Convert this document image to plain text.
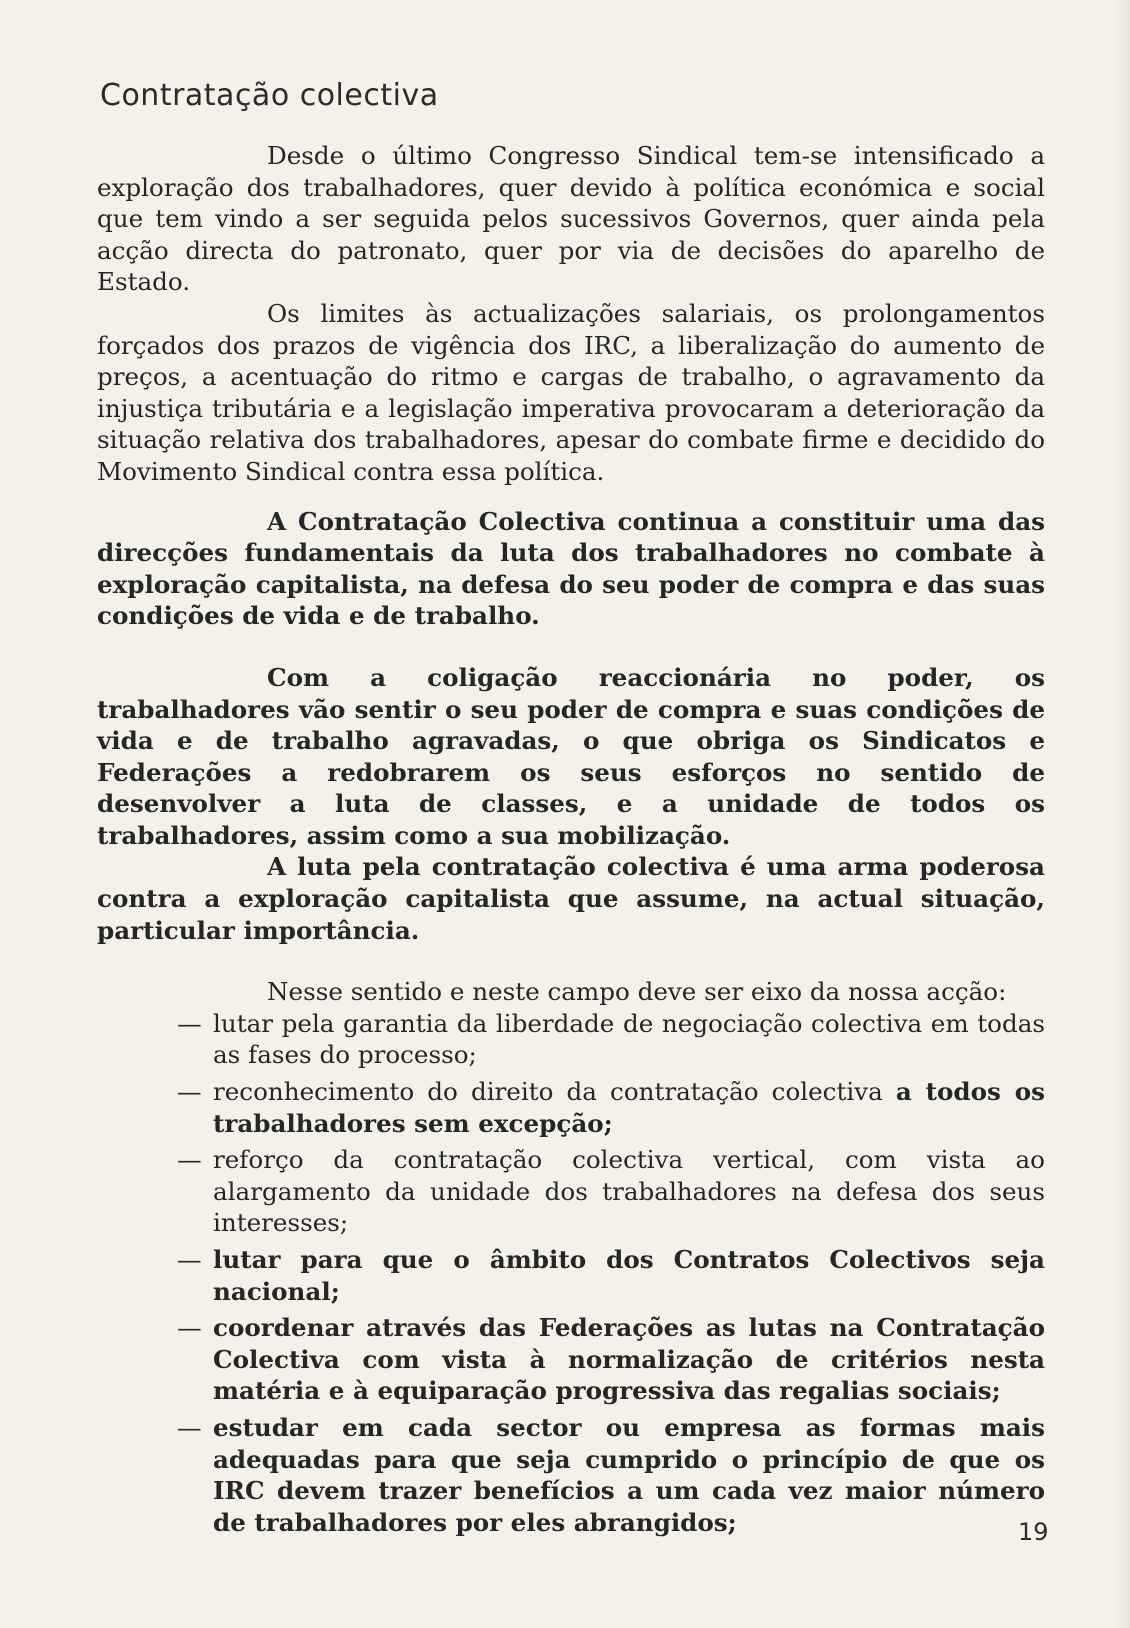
Contratação colectiva

Desde o último Congresso Sindical tem-se intensificado a exploração dos trabalhadores, quer devido à política económica e social que tem vindo a ser seguida pelos sucessivos Governos, quer ainda pela acção directa do patronato, quer por via de decisões do aparelho de Estado.

Os limites às actualizações salariais, os prolongamentos forçados dos prazos de vigência dos IRC, a liberalização do aumento de preços, a acentuação do ritmo e cargas de trabalho, o agravamento da injustiça tributária e a legislação imperativa provocaram a deterioração da situação relativa dos trabalhadores, apesar do combate firme e decidido do Movimento Sindical contra essa política.

A Contratação Colectiva continua a constituir uma das direcções fundamentais da luta dos trabalhadores no combate à exploração capitalista, na defesa do seu poder de compra e das suas condições de vida e de trabalho.

Com a coligação reaccionária no poder, os trabalhadores vão sentir o seu poder de compra e suas condições de vida e de trabalho agravadas, o que obriga os Sindicatos e Federações a redobrarem os seus esforços no sentido de desenvolver a luta de classes, e a unidade de todos os trabalhadores, assim como a sua mobilização.

A luta pela contratação colectiva é uma arma poderosa contra a exploração capitalista que assume, na actual situação, particular importância.

Nesse sentido e neste campo deve ser eixo da nossa acção:

— lutar pela garantia da liberdade de negociação colectiva em todas as fases do processo;
— reconhecimento do direito da contratação colectiva a todos os trabalhadores sem excepção;
— reforço da contratação colectiva vertical, com vista ao alargamento da unidade dos trabalhadores na defesa dos seus interesses;
— lutar para que o âmbito dos Contratos Colectivos seja nacional;
— coordenar através das Federações as lutas na Contratação Colectiva com vista à normalização de critérios nesta matéria e à equiparação progressiva das regalias sociais;
— estudar em cada sector ou empresa as formas mais adequadas para que seja cumprido o princípio de que os IRC devem trazer benefícios a um cada vez maior número de trabalhadores por eles abrangidos;	19
